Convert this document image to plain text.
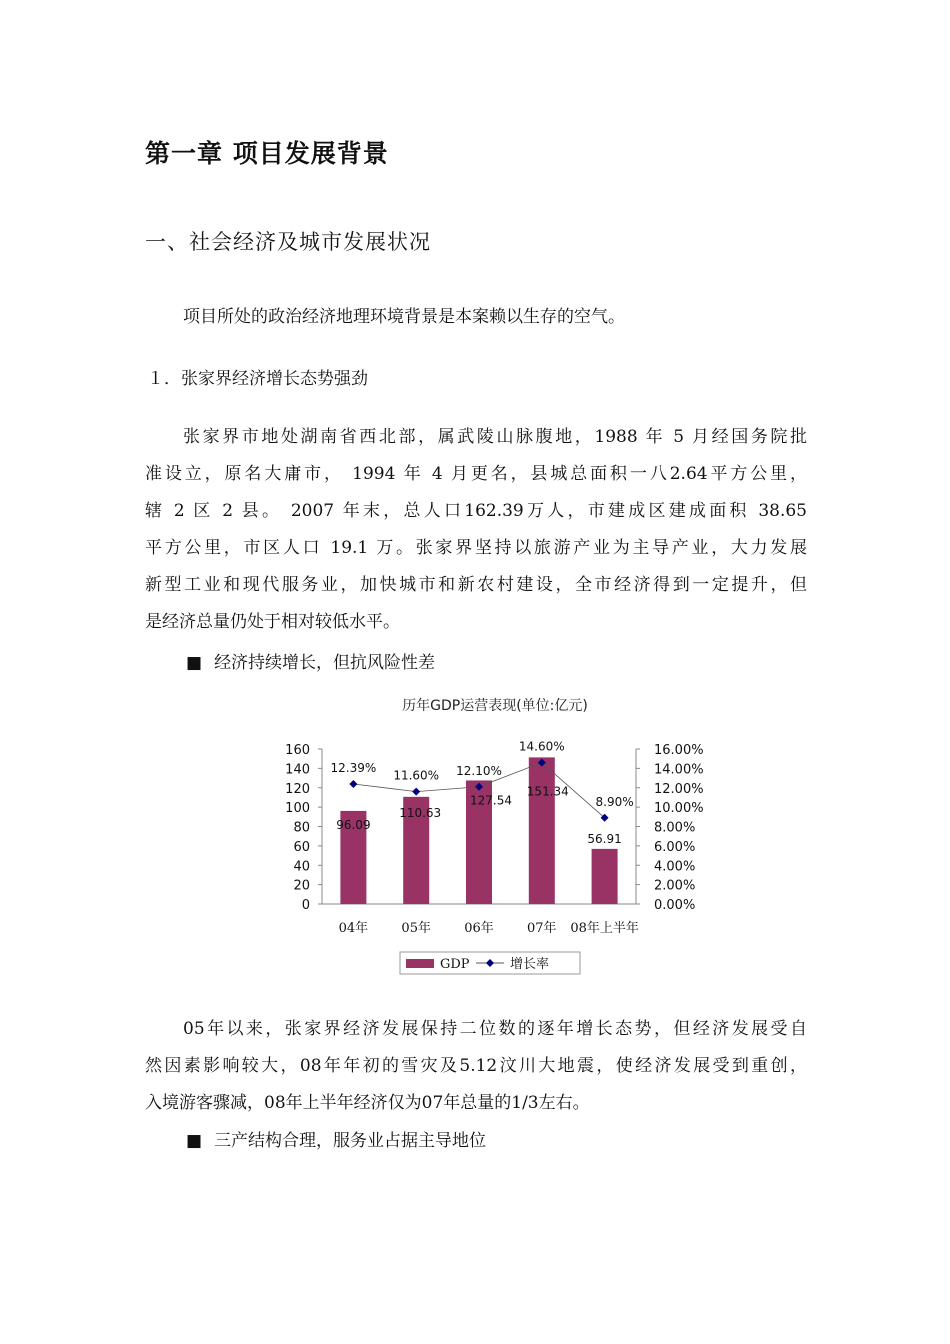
第一章 项目发展背景
一、社会经济及城市发展状况
项目所处的政治经济地理环境背景是本案赖以生存的空气。
１．张家界经济增长态势强劲
张家界市地处湖南省西北部，属武陵山脉腹地，1988 年 5 月经国务院批
准设立，原名大庸市， 1994 年 4 月更名，县城总面积一八2.64平方公里，
辖 2 区 2 县。 2007 年末，总人口162.39万人，市建成区建成面积 38.65
平方公里，市区人口 19.1 万。张家界坚持以旅游产业为主导产业，大力发展
新型工业和现代服务业，加快城市和新农村建设，全市经济得到一定提升，但
是经济总量仍处于相对较低水平。
■ 经济持续增长，但抗风险性差
历年GDP运营表现(单位:亿元)
0
20
40
60
80
100
120
140
160
0.00%
2.00%
4.00%
6.00%
8.00%
10.00%
12.00%
14.00%
16.00%
04年	05年	06年	07年 08年上半年
96.09
110.63
127.54
151.34
56.91
12.39%
11.60% 12.10%
14.60%
8.90%
GDP	增长率
05年以来，张家界经济发展保持二位数的逐年增长态势，但经济发展受自
然因素影响较大，08年年初的雪灾及5.12汶川大地震，使经济发展受到重创，
入境游客骤减，08年上半年经济仅为07年总量的1/3左右。
■ 三产结构合理，服务业占据主导地位
